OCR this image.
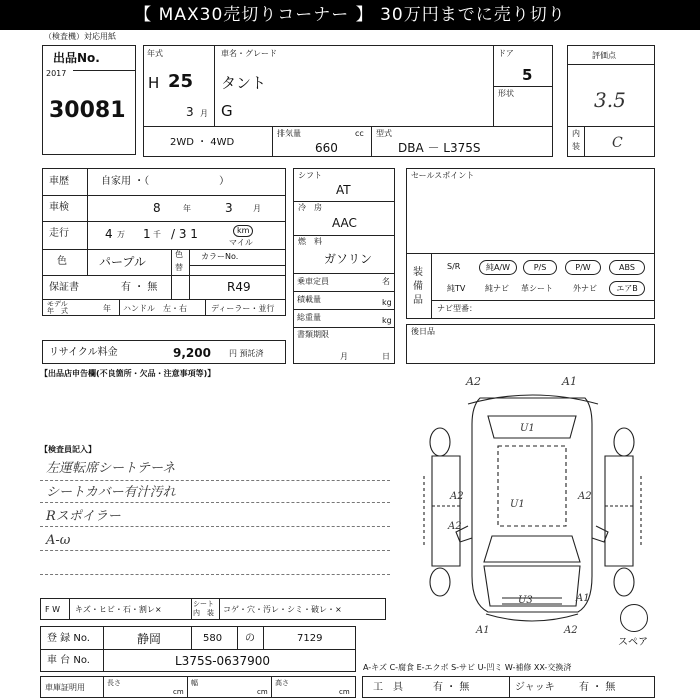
【 MAX30売切りコーナー 】 30万円までに売り切り
（検査機）対応用紙
出品No.
2017
30081
年式
H 25
3 月
車名・グレード
タント
G
ドア
5
形状
2WD ・ 4WD
排気量	cc
660
型式
DBA － L375S
評価点
3.5
内
装 C
車歴	自家用 ・（　　　　　　　）
車検	8	年	3	月
走行	4 万 1 千 / 3 1	km
マイル
色	パープル
色
替
カラーNo.
R49
保証書	有 ・ 無
モデル
年　式	年 ハンドル　左・右	ディーラー・並行
リサイクル料金	9,200 円 預託済
シフト
AT
冷　房
AAC
燃　料
ガソリン
乗車定員	名
積載量	kg
総重量	kg
書類期限
月	日
セールスポイント
装
備
品
S/R	純A/W	P/S	P/W	ABS
純TV 純ナビ 革シート	外ナビ	エアB
ナビ型番：
後日品
【出品店申告欄(不良箇所・欠品・注意事項等)】
【検査員記入】
左運転席シートテーネ
シートカバー有汁汚れ
Rスポイラー
A-ω
F W キズ・ヒビ・石・割レ×
シート
内　装 コゲ・穴・汚レ・シミ・破レ・×
登 録 No.	静岡	580 の	7129
車 台 No.	L375S-0637900
車庫証明用	長さ
cm
幅
cm
高さ
cm
A-キズ C-腐食 E-エクボ S-サビ U-凹ミ W-補修 XX-交換済
工　具	有 ・ 無	ジャッキ 有 ・ 無
A2	A1
U1
U1
A2	A2
A2
U3	A1
A1	A2
スペア
